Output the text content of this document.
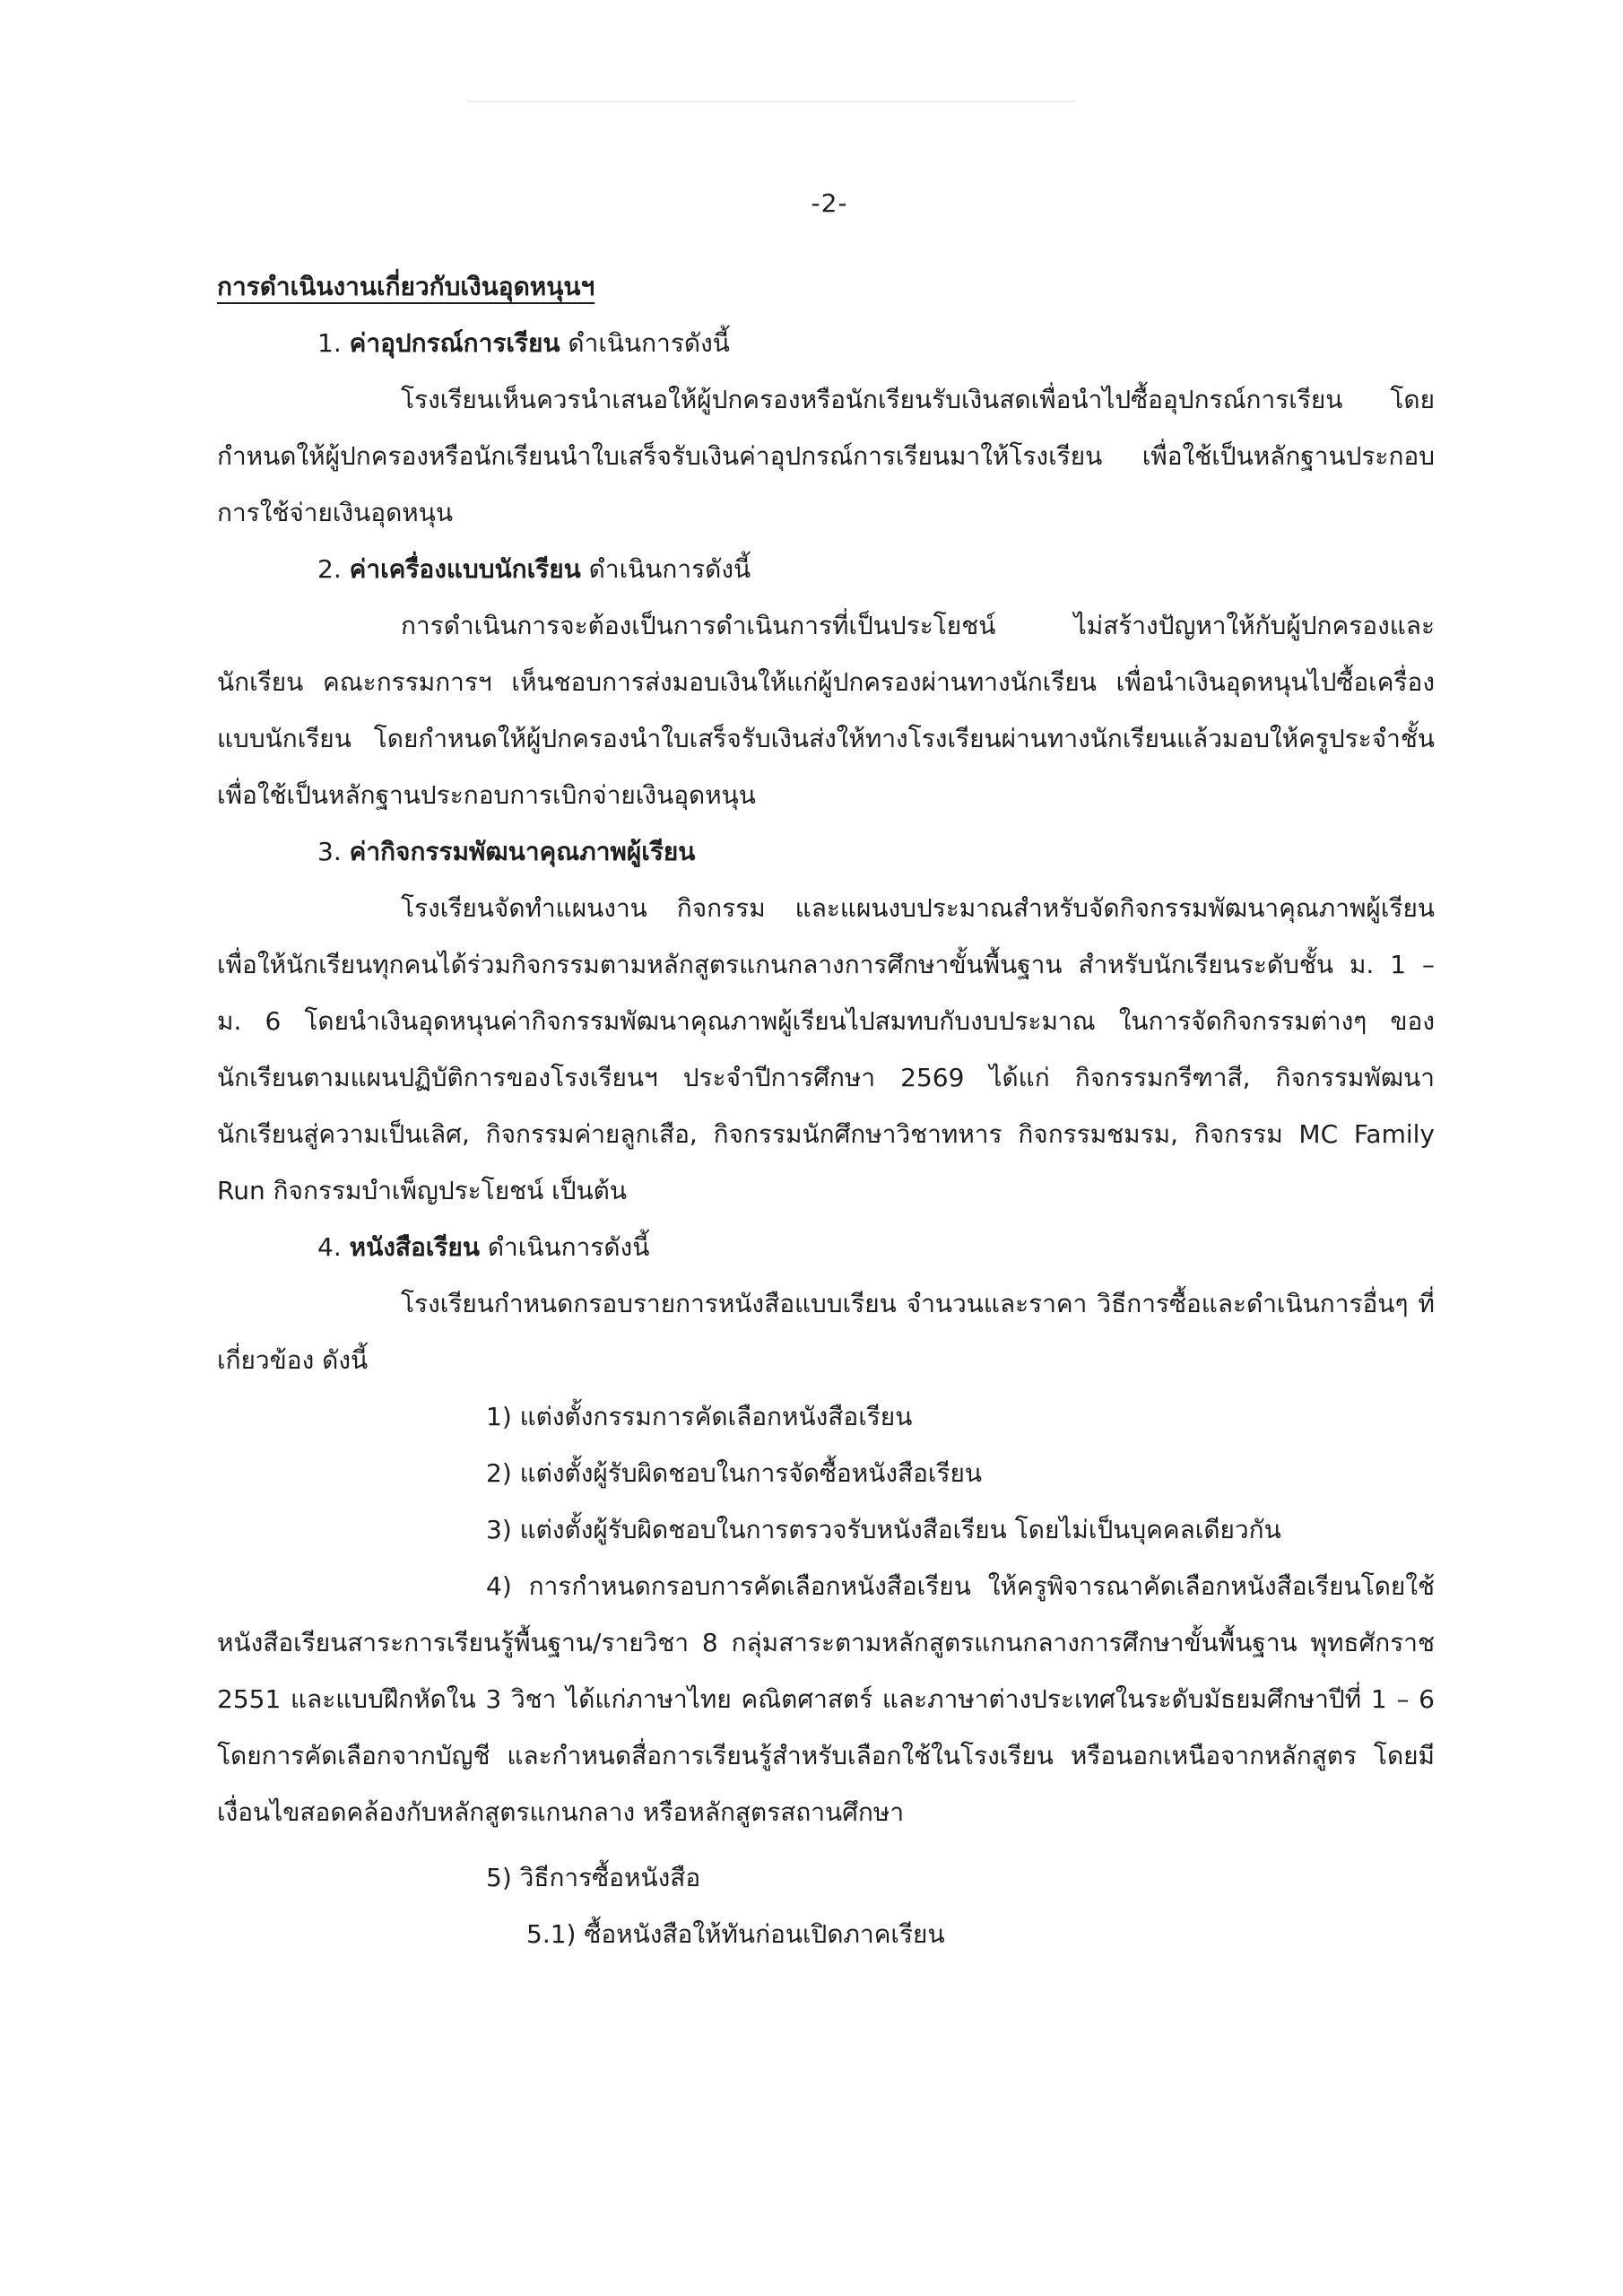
-2-

การดำเนินงานเกี่ยวกับเงินอุดหนุนฯ

1. ค่าอุปกรณ์การเรียน ดำเนินการดังนี้

โรงเรียนเห็นควรนำเสนอให้ผู้ปกครองหรือนักเรียนรับเงินสดเพื่อนำไปซื้ออุปกรณ์การเรียน โดยกำหนดให้ผู้ปกครองหรือนักเรียนนำใบเสร็จรับเงินค่าอุปกรณ์การเรียนมาให้โรงเรียน เพื่อใช้เป็นหลักฐานประกอบการใช้จ่ายเงินอุดหนุน

2. ค่าเครื่องแบบนักเรียน ดำเนินการดังนี้

การดำเนินการจะต้องเป็นการดำเนินการที่เป็นประโยชน์ ไม่สร้างปัญหาให้กับผู้ปกครองและนักเรียน คณะกรรมการฯ เห็นชอบการส่งมอบเงินให้แก่ผู้ปกครองผ่านทางนักเรียน เพื่อนำเงินอุดหนุนไปซื้อเครื่องแบบนักเรียน โดยกำหนดให้ผู้ปกครองนำใบเสร็จรับเงินส่งให้ทางโรงเรียนผ่านทางนักเรียนแล้วมอบให้ครูประจำชั้น เพื่อใช้เป็นหลักฐานประกอบการเบิกจ่ายเงินอุดหนุน

3. ค่ากิจกรรมพัฒนาคุณภาพผู้เรียน

โรงเรียนจัดทำแผนงาน กิจกรรม และแผนงบประมาณสำหรับจัดกิจกรรมพัฒนาคุณภาพผู้เรียน เพื่อให้นักเรียนทุกคนได้ร่วมกิจกรรมตามหลักสูตรแกนกลางการศึกษาขั้นพื้นฐาน สำหรับนักเรียนระดับชั้น ม. 1 – ม. 6 โดยนำเงินอุดหนุนค่ากิจกรรมพัฒนาคุณภาพผู้เรียนไปสมทบกับงบประมาณ ในการจัดกิจกรรมต่างๆ ของนักเรียนตามแผนปฏิบัติการของโรงเรียนฯ ประจำปีการศึกษา 2569 ได้แก่ กิจกรรมกรีฑาสี, กิจกรรมพัฒนานักเรียนสู่ความเป็นเลิศ, กิจกรรมค่ายลูกเสือ, กิจกรรมนักศึกษาวิชาทหาร กิจกรรมชมรม, กิจกรรม MC Family Run กิจกรรมบำเพ็ญประโยชน์ เป็นต้น

4. หนังสือเรียน ดำเนินการดังนี้

โรงเรียนกำหนดกรอบรายการหนังสือแบบเรียน จำนวนและราคา วิธีการซื้อและดำเนินการอื่นๆ ที่เกี่ยวข้อง ดังนี้

1) แต่งตั้งกรรมการคัดเลือกหนังสือเรียน

2) แต่งตั้งผู้รับผิดชอบในการจัดซื้อหนังสือเรียน

3) แต่งตั้งผู้รับผิดชอบในการตรวจรับหนังสือเรียน โดยไม่เป็นบุคคลเดียวกัน

4) การกำหนดกรอบการคัดเลือกหนังสือเรียน ให้ครูพิจารณาคัดเลือกหนังสือเรียนโดยใช้หนังสือเรียนสาระการเรียนรู้พื้นฐาน/รายวิชา 8 กลุ่มสาระตามหลักสูตรแกนกลางการศึกษาขั้นพื้นฐาน พุทธศักราช 2551 และแบบฝึกหัดใน 3 วิชา ได้แก่ภาษาไทย คณิตศาสตร์ และภาษาต่างประเทศในระดับมัธยมศึกษาปีที่ 1 – 6 โดยการคัดเลือกจากบัญชี และกำหนดสื่อการเรียนรู้สำหรับเลือกใช้ในโรงเรียน หรือนอกเหนือจากหลักสูตร โดยมีเงื่อนไขสอดคล้องกับหลักสูตรแกนกลาง หรือหลักสูตรสถานศึกษา

5) วิธีการซื้อหนังสือ

5.1) ซื้อหนังสือให้ทันก่อนเปิดภาคเรียน
